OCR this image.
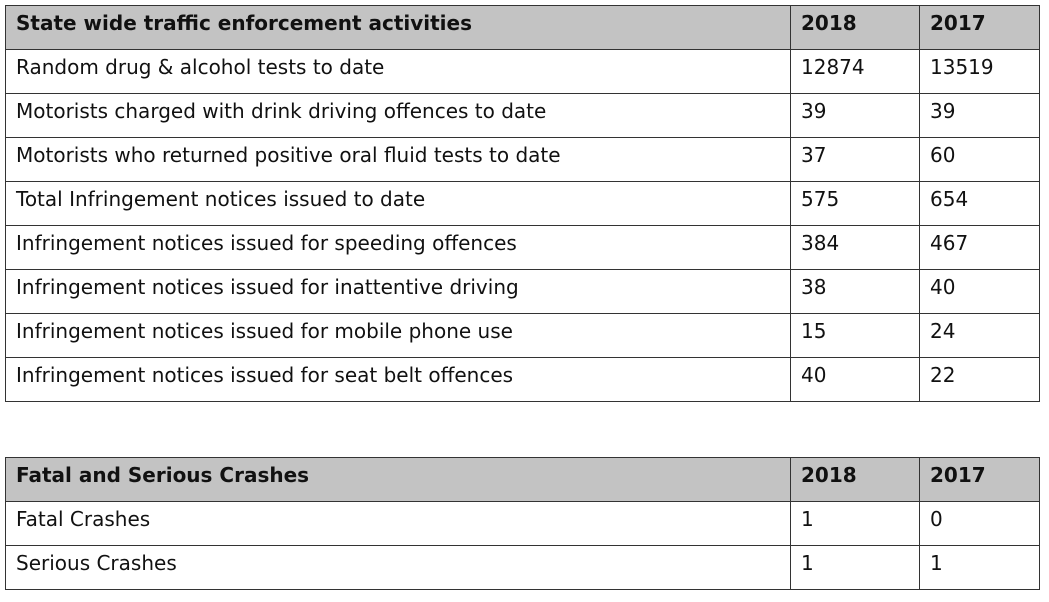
State wide traffic enforcement activities	2018	2017
Random drug & alcohol tests to date	12874	13519
Motorists charged with drink driving offences to date	39	39
Motorists who returned positive oral fluid tests to date	37	60
Total Infringement notices issued to date	575	654
Infringement notices issued for speeding offences	384	467
Infringement notices issued for inattentive driving	38	40
Infringement notices issued for mobile phone use	15	24
Infringement notices issued for seat belt offences	40	22
Fatal and Serious Crashes	2018	2017
Fatal Crashes	1	0
Serious Crashes	1	1
